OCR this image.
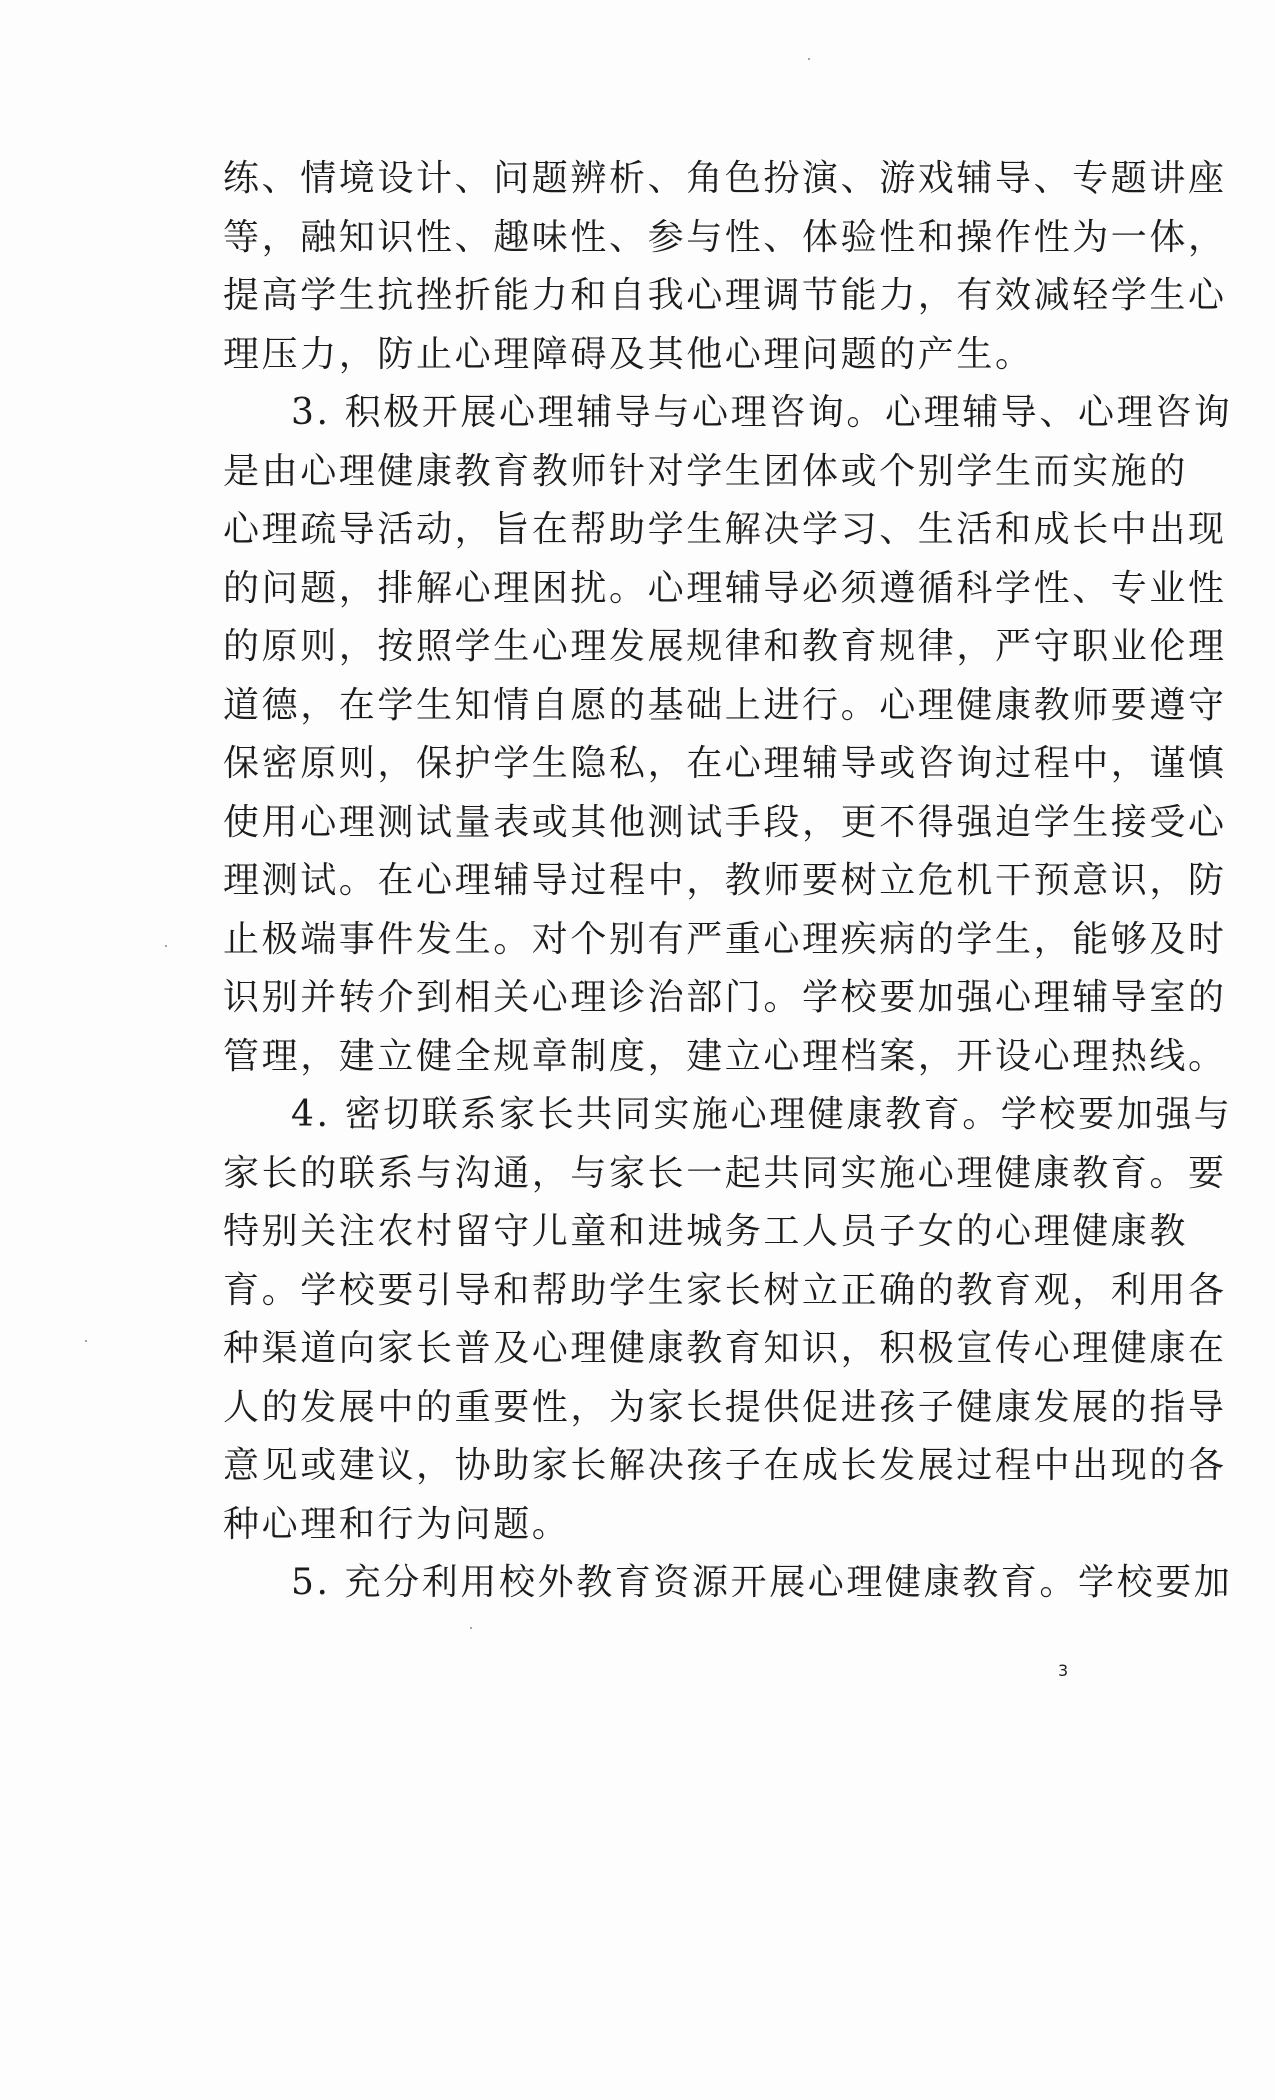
练、情境设计、问题辨析、角色扮演、游戏辅导、专题讲座
等，融知识性、趣味性、参与性、体验性和操作性为一体，
提高学生抗挫折能力和自我心理调节能力，有效减轻学生心
理压力，防止心理障碍及其他心理问题的产生。
3. 积极开展心理辅导与心理咨询。心理辅导、心理咨询
是由心理健康教育教师针对学生团体或个别学生而实施的
心理疏导活动，旨在帮助学生解决学习、生活和成长中出现
的问题，排解心理困扰。心理辅导必须遵循科学性、专业性
的原则，按照学生心理发展规律和教育规律，严守职业伦理
道德，在学生知情自愿的基础上进行。心理健康教师要遵守
保密原则，保护学生隐私，在心理辅导或咨询过程中，谨慎
使用心理测试量表或其他测试手段，更不得强迫学生接受心
理测试。在心理辅导过程中，教师要树立危机干预意识，防
止极端事件发生。对个别有严重心理疾病的学生，能够及时
识别并转介到相关心理诊治部门。学校要加强心理辅导室的
管理，建立健全规章制度，建立心理档案，开设心理热线。
4. 密切联系家长共同实施心理健康教育。学校要加强与
家长的联系与沟通，与家长一起共同实施心理健康教育。要
特别关注农村留守儿童和进城务工人员子女的心理健康教
育。学校要引导和帮助学生家长树立正确的教育观，利用各
种渠道向家长普及心理健康教育知识，积极宣传心理健康在
人的发展中的重要性，为家长提供促进孩子健康发展的指导
意见或建议，协助家长解决孩子在成长发展过程中出现的各
种心理和行为问题。
5. 充分利用校外教育资源开展心理健康教育。学校要加
3
